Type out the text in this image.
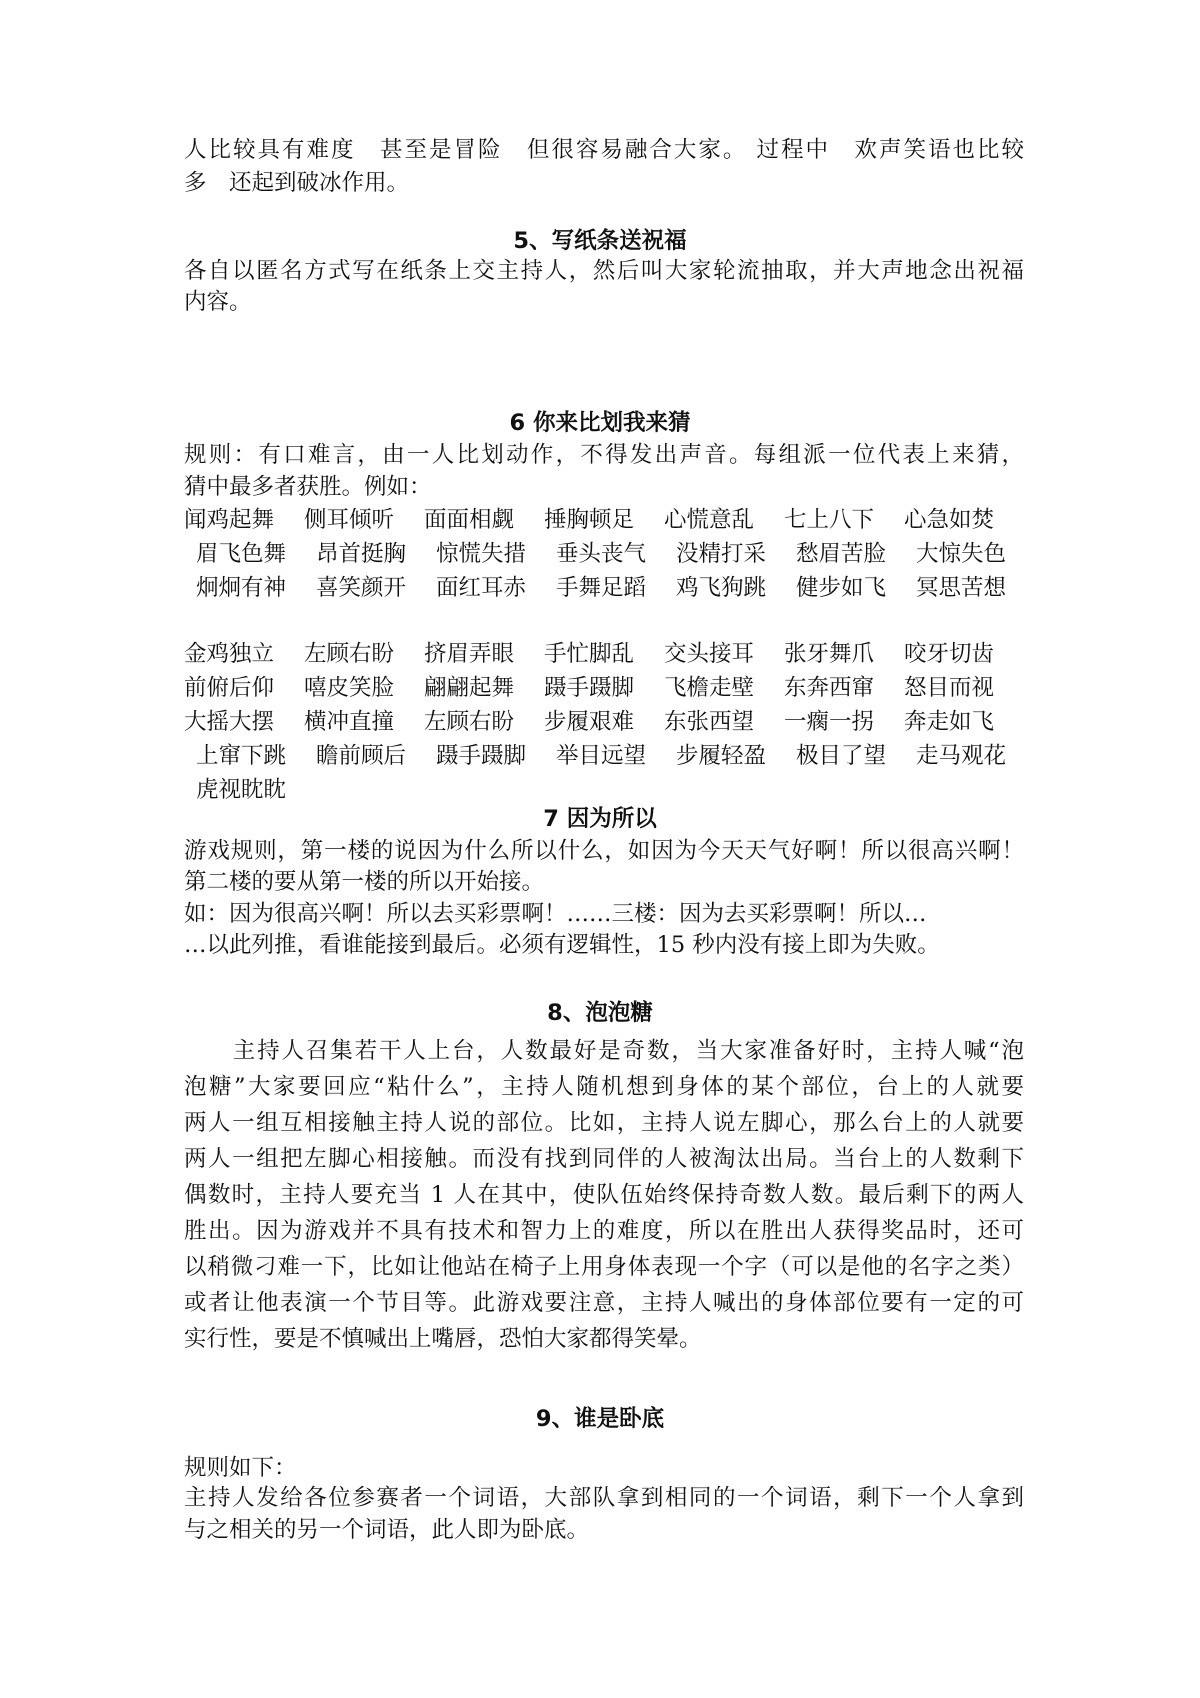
人比较具有难度　甚至是冒险　但很容易融合大家。 过程中　欢声笑语也比较
多　还起到破冰作用。
5、写纸条送祝福
各自以匿名方式写在纸条上交主持人，然后叫大家轮流抽取，并大声地念出祝福
内容。
6 你来比划我来猜
规则：有口难言，由一人比划动作，不得发出声音。每组派一位代表上来猜，
猜中最多者获胜。例如：
闻鸡起舞 侧耳倾听 面面相觑 捶胸顿足 心慌意乱 七上八下 心急如焚
眉飞色舞 昂首挺胸 惊慌失措 垂头丧气 没精打采 愁眉苦脸 大惊失色
炯炯有神 喜笑颜开 面红耳赤 手舞足蹈 鸡飞狗跳 健步如飞 冥思苦想
金鸡独立 左顾右盼 挤眉弄眼 手忙脚乱 交头接耳 张牙舞爪 咬牙切齿
前俯后仰 嘻皮笑脸 翩翩起舞 蹑手蹑脚 飞檐走壁 东奔西窜 怒目而视
大摇大摆 横冲直撞 左顾右盼 步履艰难 东张西望 一瘸一拐 奔走如飞
上窜下跳 瞻前顾后 蹑手蹑脚 举目远望 步履轻盈 极目了望 走马观花
虎视眈眈
7 因为所以
游戏规则，第一楼的说因为什么所以什么，如因为今天天气好啊！所以很高兴啊！
第二楼的要从第一楼的所以开始接。
如：因为很高兴啊！所以去买彩票啊！……三楼：因为去买彩票啊！所以…
…以此列推，看谁能接到最后。必须有逻辑性，15 秒内没有接上即为失败。
8、泡泡糖
　　主持人召集若干人上台，人数最好是奇数，当大家准备好时，主持人喊“泡
泡糖”大家要回应“粘什么”，主持人随机想到身体的某个部位，台上的人就要
两人一组互相接触主持人说的部位。比如，主持人说左脚心，那么台上的人就要
两人一组把左脚心相接触。而没有找到同伴的人被淘汰出局。当台上的人数剩下
偶数时，主持人要充当 1 人在其中，使队伍始终保持奇数人数。最后剩下的两人
胜出。因为游戏并不具有技术和智力上的难度，所以在胜出人获得奖品时，还可
以稍微刁难一下，比如让他站在椅子上用身体表现一个字（可以是他的名字之类）
或者让他表演一个节目等。此游戏要注意，主持人喊出的身体部位要有一定的可
实行性，要是不慎喊出上嘴唇，恐怕大家都得笑晕。
9、谁是卧底
规则如下：
主持人发给各位参赛者一个词语，大部队拿到相同的一个词语，剩下一个人拿到
与之相关的另一个词语，此人即为卧底。
